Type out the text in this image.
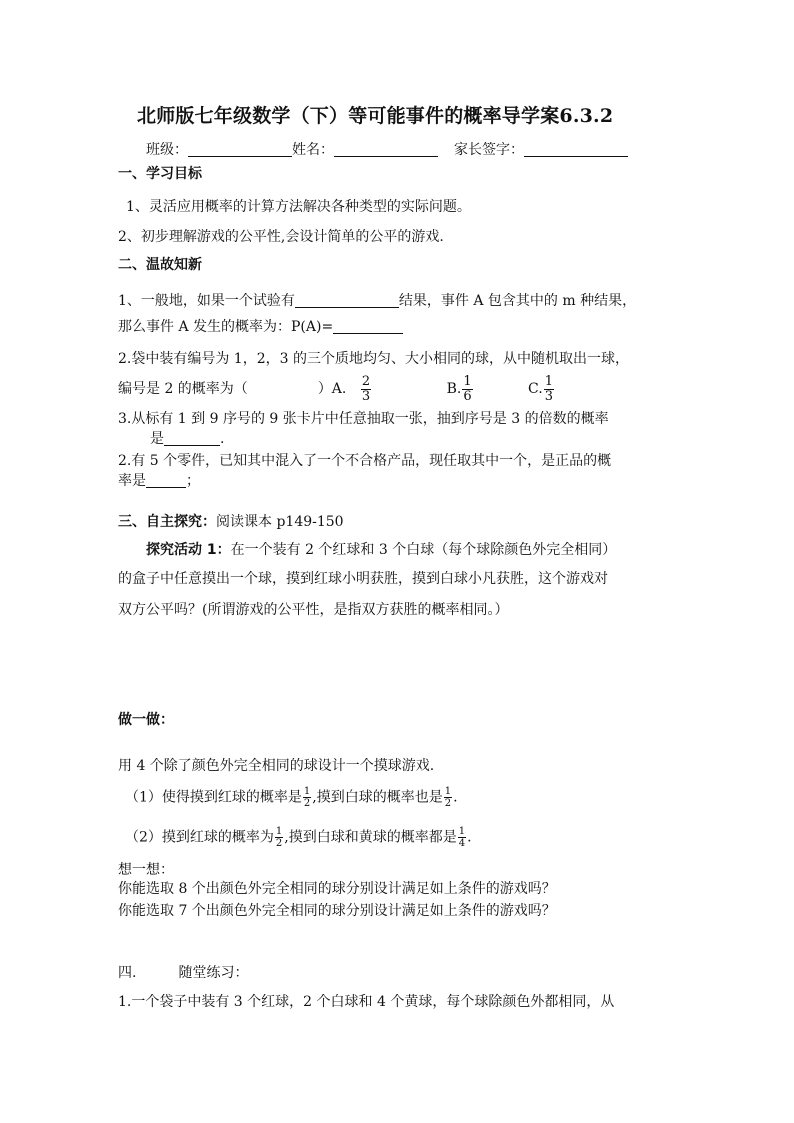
北师版七年级数学（下）等可能事件的概率导学案6.3.2
班级：	姓名：	家长签字：
一、学习目标
1、灵活应用概率的计算方法解决各种类型的实际问题。
2、初步理解游戏的公平性,会设计简单的公平的游戏.
二、温故知新
1、一般地，如果一个试验有	结果，事件 A 包含其中的 m 种结果，
那么事件 A 发生的概率为：P(A)=
2.袋中装有编号为 1，2，3 的三个质地均匀、大小相同的球，从中随机取出一球，
编号是 2 的概率为（	）A. $\frac{2}{3}$	B. $\frac{1}{6}$	C. $\frac{1}{3}$
3.从标有 1 到 9 序号的 9 张卡片中任意抽取一张，抽到序号是 3 的倍数的概率
是	.
2.有 5 个零件，已知其中混入了一个不合格产品，现任取其中一个，是正品的概
率是	；
三、自主探究：阅读课本 p149-150
探究活动 1：在一个装有 2 个红球和 3 个白球（每个球除颜色外完全相同）
的盒子中任意摸出一个球，摸到红球小明获胜，摸到白球小凡获胜，这个游戏对
双方公平吗？(所谓游戏的公平性，是指双方获胜的概率相同。）
做一做：
用 4 个除了颜色外完全相同的球设计一个摸球游戏.
（1）使得摸到红球的概率是 $\frac{1}{2}$ ,摸到白球的概率也是 $\frac{1}{2}$ .
（2）摸到红球的概率为 $\frac{1}{2}$ ,摸到白球和黄球的概率都是 $\frac{1}{4}$ .
想一想：
你能选取 8 个出颜色外完全相同的球分别设计满足如上条件的游戏吗？
你能选取 7 个出颜色外完全相同的球分别设计满足如上条件的游戏吗？
四.	随堂练习：
1.一个袋子中装有 3 个红球，2 个白球和 4 个黄球，每个球除颜色外都相同，从
